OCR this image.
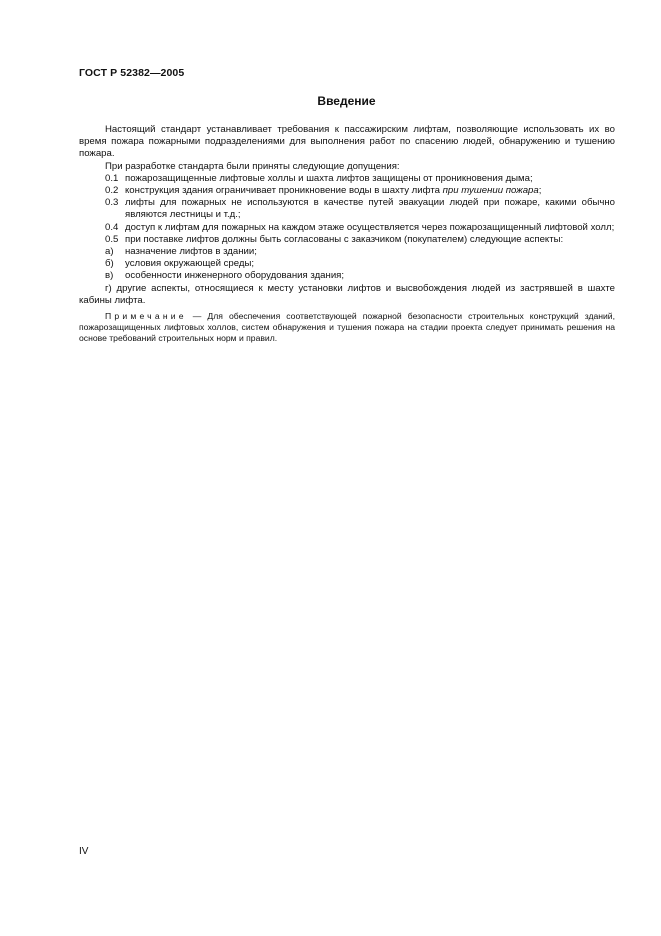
ГОСТ Р 52382—2005
Введение

Настоящий стандарт устанавливает требования к пассажирским лифтам, позволяющие использовать их во время пожара пожарными подразделениями для выполнения работ по спасению людей, обнаружению и тушению пожара.

При разработке стандарта были приняты следующие допущения:

0.1 пожарозащищенные лифтовые холлы и шахта лифтов защищены от проникновения дыма;

0.2 конструкция здания ограничивает проникновение воды в шахту лифта при тушении пожара;

0.3 лифты для пожарных не используются в качестве путей эвакуации людей при пожаре, какими обычно являются лестницы и т.д.;

0.4 доступ к лифтам для пожарных на каждом этаже осуществляется через пожарозащищенный лифтовой холл;

0.5 при поставке лифтов должны быть согласованы с заказчиком (покупателем) следующие аспекты:

а) назначение лифтов в здании;

б) условия окружающей среды;

в) особенности инженерного оборудования здания;

г) другие аспекты, относящиеся к месту установки лифтов и высвобождения людей из застрявшей в шахте кабины лифта.

Примечание — Для обеспечения соответствующей пожарной безопасности строительных конструкций зданий, пожарозащищенных лифтовых холлов, систем обнаружения и тушения пожара на стадии проекта следует принимать решения на основе требований строительных норм и правил.

IV
